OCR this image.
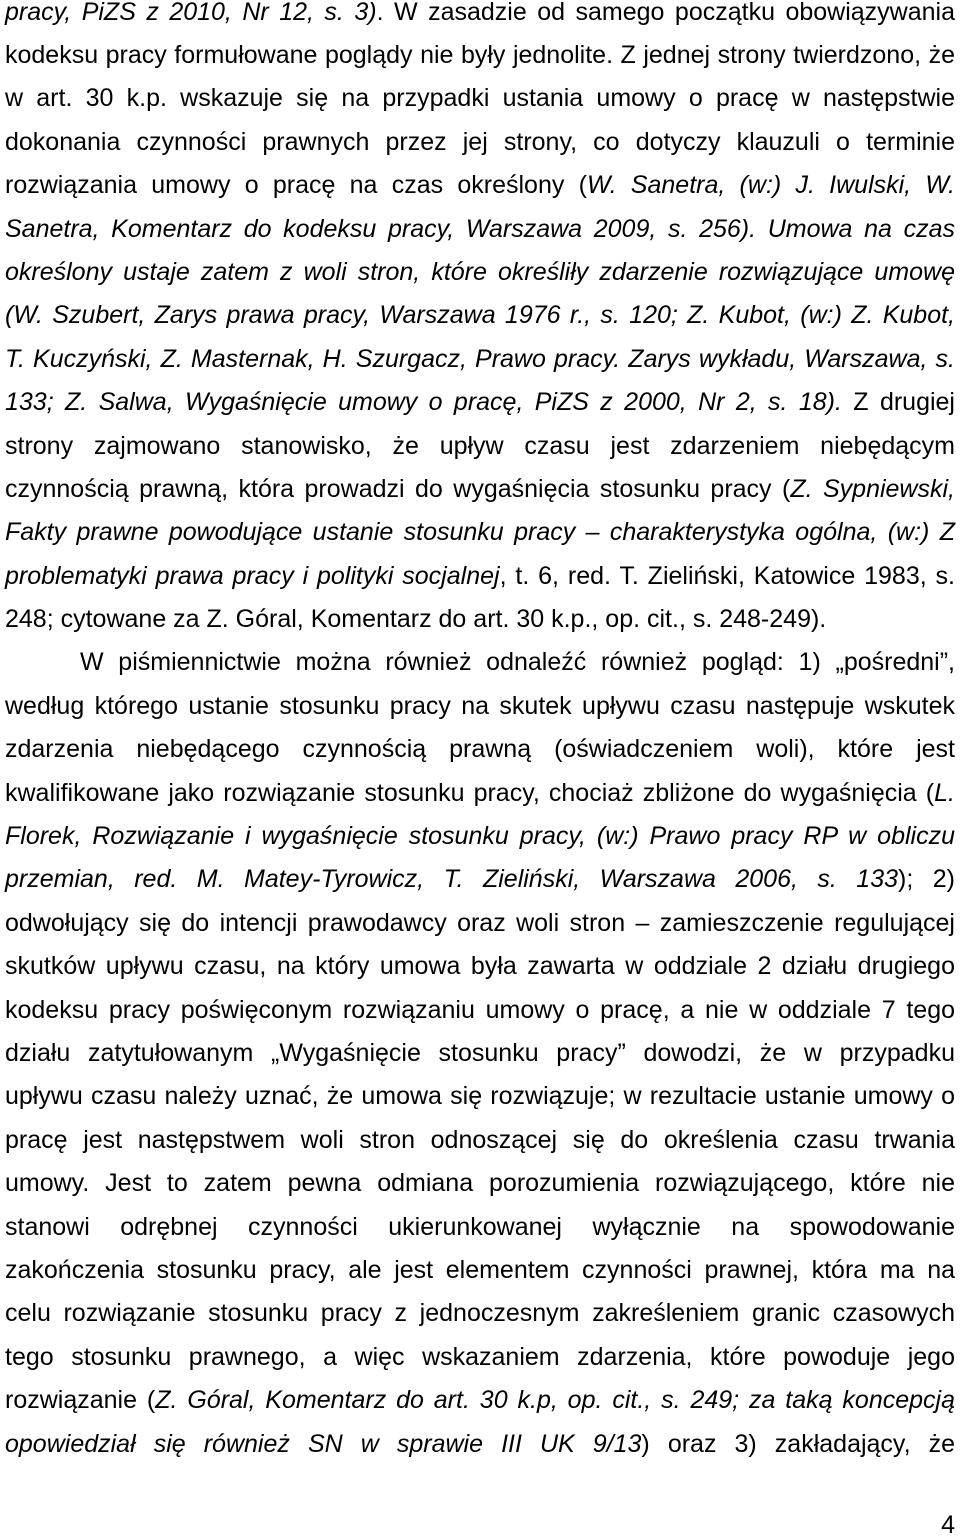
pracy, PiZS z 2010, Nr 12, s. 3). W zasadzie od samego początku obowiązywania
kodeksu pracy formułowane poglądy nie były jednolite. Z jednej strony twierdzono, że
w art. 30 k.p. wskazuje się na przypadki ustania umowy o pracę w następstwie
dokonania czynności prawnych przez jej strony, co dotyczy klauzuli o terminie
rozwiązania umowy o pracę na czas określony (W. Sanetra, (w:) J. Iwulski, W.
Sanetra, Komentarz do kodeksu pracy, Warszawa 2009, s. 256). Umowa na czas
określony ustaje zatem z woli stron, które określiły zdarzenie rozwiązujące umowę
(W. Szubert, Zarys prawa pracy, Warszawa 1976 r., s. 120; Z. Kubot, (w:) Z. Kubot,
T. Kuczyński, Z. Masternak, H. Szurgacz, Prawo pracy. Zarys wykładu, Warszawa, s.
133; Z. Salwa, Wygaśnięcie umowy o pracę, PiZS z 2000, Nr 2, s. 18). Z drugiej
strony zajmowano stanowisko, że upływ czasu jest zdarzeniem niebędącym
czynnością prawną, która prowadzi do wygaśnięcia stosunku pracy (Z. Sypniewski,
Fakty prawne powodujące ustanie stosunku pracy – charakterystyka ogólna, (w:) Z
problematyki prawa pracy i polityki socjalnej, t. 6, red. T. Zieliński, Katowice 1983, s.
248; cytowane za Z. Góral, Komentarz do art. 30 k.p., op. cit., s. 248-249).
W piśmiennictwie można również odnaleźć również pogląd: 1) „pośredni”,
według którego ustanie stosunku pracy na skutek upływu czasu następuje wskutek
zdarzenia niebędącego czynnością prawną (oświadczeniem woli), które jest
kwalifikowane jako rozwiązanie stosunku pracy, chociaż zbliżone do wygaśnięcia (L.
Florek, Rozwiązanie i wygaśnięcie stosunku pracy, (w:) Prawo pracy RP w obliczu
przemian, red. M. Matey-Tyrowicz, T. Zieliński, Warszawa 2006, s. 133); 2)
odwołujący się do intencji prawodawcy oraz woli stron – zamieszczenie regulującej
skutków upływu czasu, na który umowa była zawarta w oddziale 2 działu drugiego
kodeksu pracy poświęconym rozwiązaniu umowy o pracę, a nie w oddziale 7 tego
działu zatytułowanym „Wygaśnięcie stosunku pracy” dowodzi, że w przypadku
upływu czasu należy uznać, że umowa się rozwiązuje; w rezultacie ustanie umowy o
pracę jest następstwem woli stron odnoszącej się do określenia czasu trwania
umowy. Jest to zatem pewna odmiana porozumienia rozwiązującego, które nie
stanowi odrębnej czynności ukierunkowanej wyłącznie na spowodowanie
zakończenia stosunku pracy, ale jest elementem czynności prawnej, która ma na
celu rozwiązanie stosunku pracy z jednoczesnym zakreśleniem granic czasowych
tego stosunku prawnego, a więc wskazaniem zdarzenia, które powoduje jego
rozwiązanie (Z. Góral, Komentarz do art. 30 k.p, op. cit., s. 249; za taką koncepcją
opowiedział się również SN w sprawie III UK 9/13) oraz 3) zakładający, że
4
